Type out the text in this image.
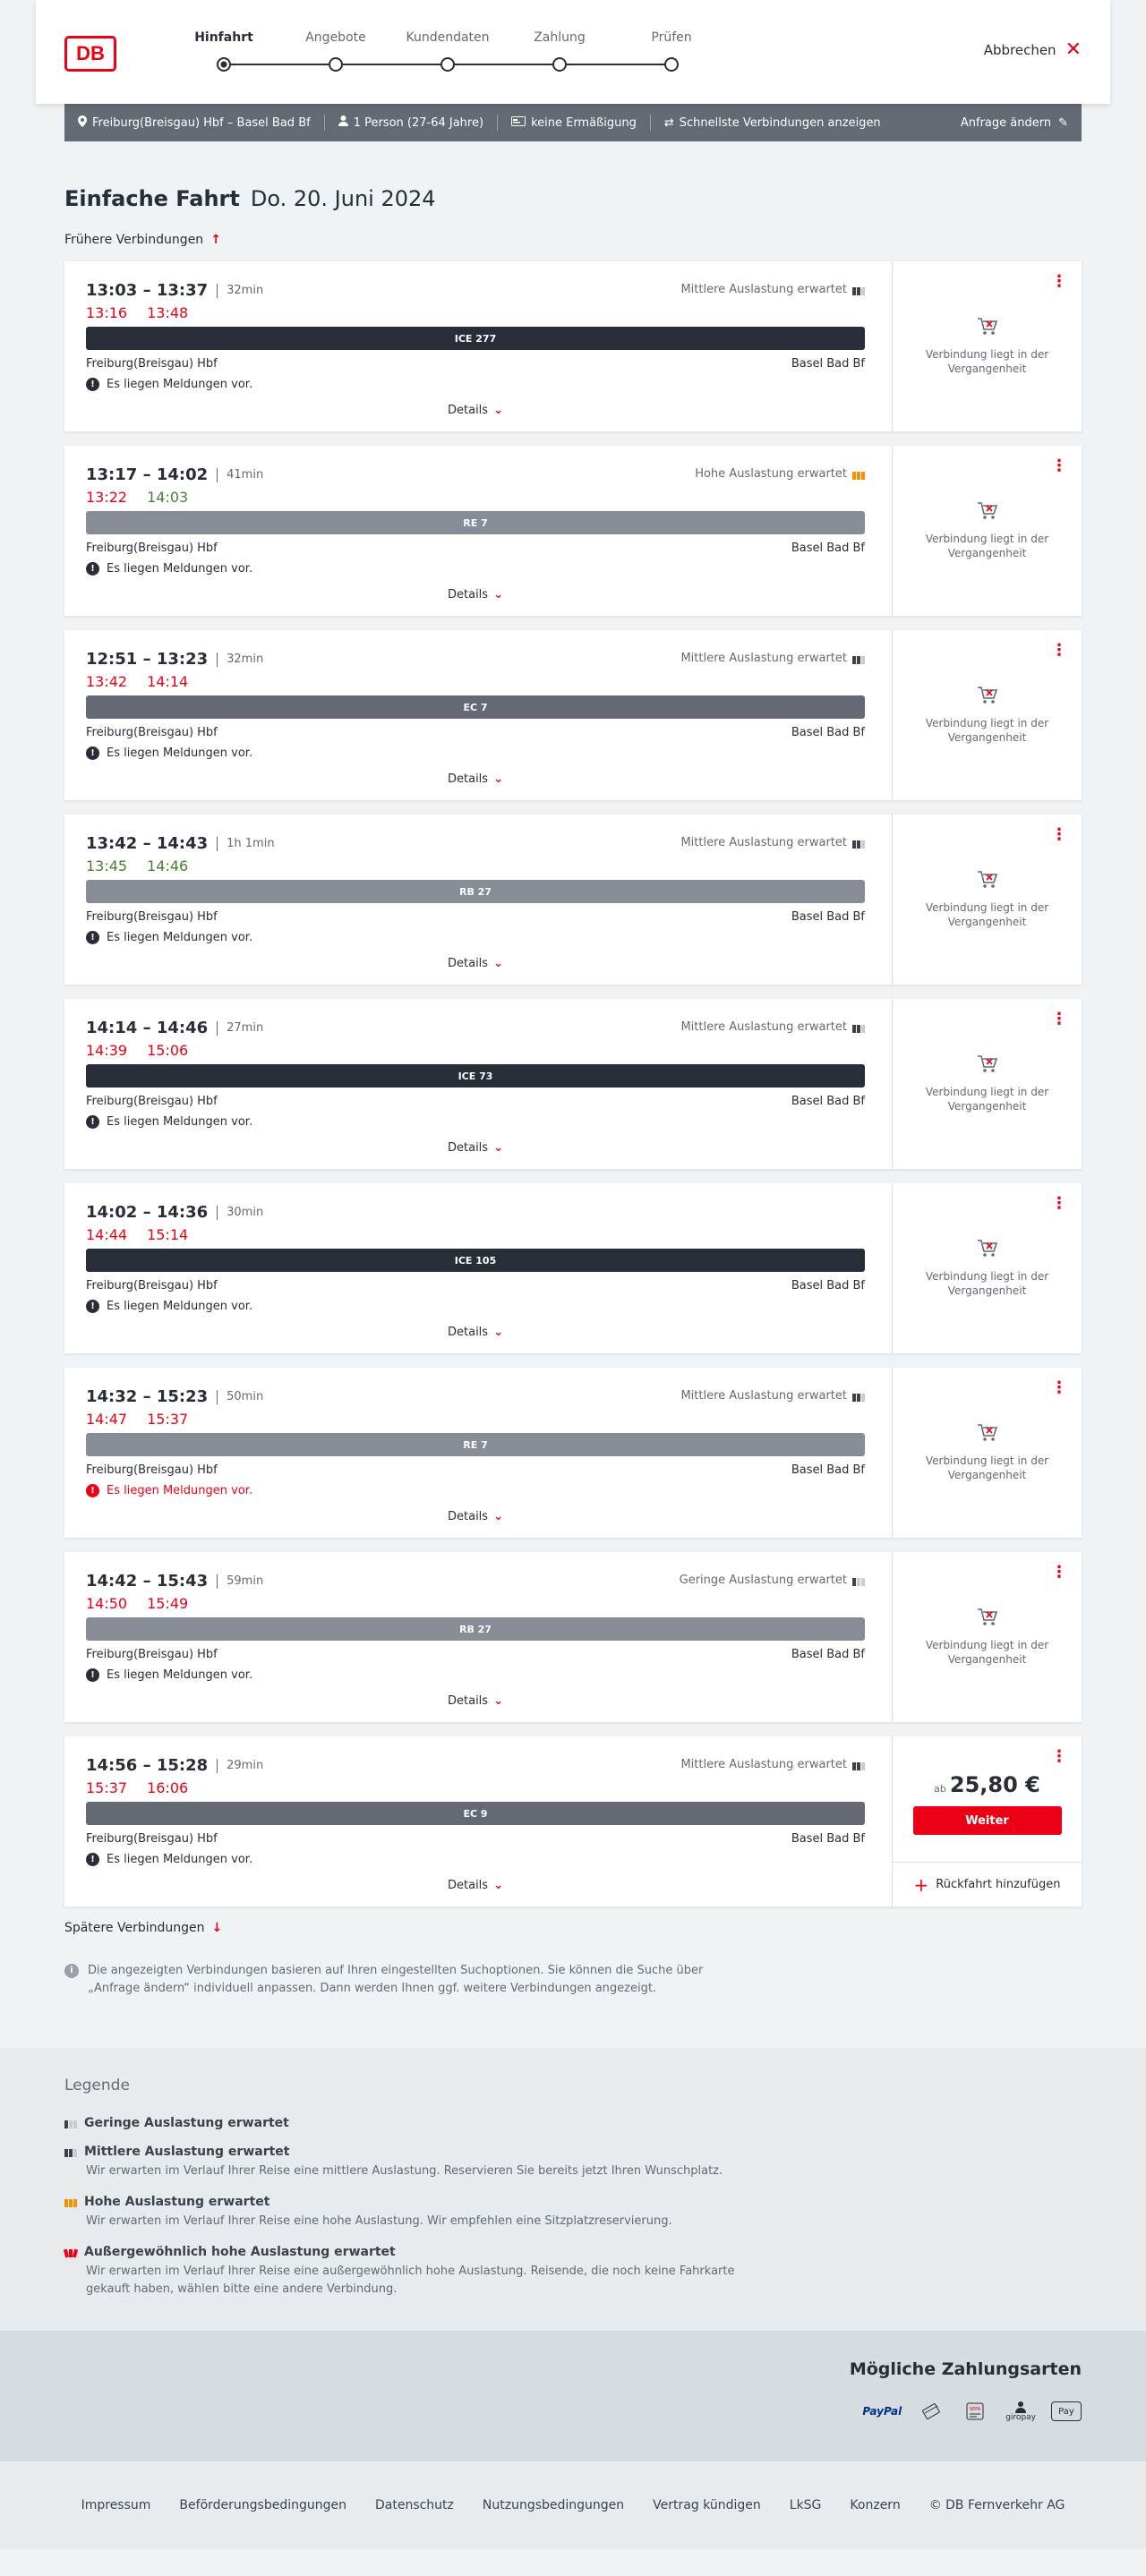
DB
Hinfahrt	Angebote	Kundendaten	Zahlung	Prüfen
Abbrechen ✕
Freiburg(Breisgau) Hbf – Basel Bad Bf	1 Person (27-64 Jahre)	keine Ermäßigung ⇄ Schnellste Verbindungen anzeigen	Anfrage ändern ✎
Einfache Fahrt Do. 20. Juni 2024
Frühere Verbindungen ↑
13:03 – 13:37 32min	Mittlere Auslastung erwartet
13:16 13:48
ICE 277
Freiburg(Breisgau) Hbf	Basel Bad Bf
!	Es liegen Meldungen vor.
Details ⌄
⋮
Verbindung liegt in der Vergangenheit
13:17 – 14:02 41min	Hohe Auslastung erwartet
13:22 14:03
RE 7
Freiburg(Breisgau) Hbf	Basel Bad Bf
!	Es liegen Meldungen vor.
Details ⌄
⋮
Verbindung liegt in der Vergangenheit
12:51 – 13:23 32min	Mittlere Auslastung erwartet
13:42 14:14
EC 7
Freiburg(Breisgau) Hbf	Basel Bad Bf
!	Es liegen Meldungen vor.
Details ⌄
⋮
Verbindung liegt in der Vergangenheit
13:42 – 14:43 1h 1min	Mittlere Auslastung erwartet
13:45 14:46
RB 27
Freiburg(Breisgau) Hbf	Basel Bad Bf
!	Es liegen Meldungen vor.
Details ⌄
⋮
Verbindung liegt in der Vergangenheit
14:14 – 14:46 27min	Mittlere Auslastung erwartet
14:39 15:06
ICE 73
Freiburg(Breisgau) Hbf	Basel Bad Bf
!	Es liegen Meldungen vor.
Details ⌄
⋮
Verbindung liegt in der Vergangenheit
14:02 – 14:36 30min
14:44 15:14
ICE 105
Freiburg(Breisgau) Hbf	Basel Bad Bf
!	Es liegen Meldungen vor.
Details ⌄
⋮
Verbindung liegt in der Vergangenheit
14:32 – 15:23 50min	Mittlere Auslastung erwartet
14:47 15:37
RE 7
Freiburg(Breisgau) Hbf	Basel Bad Bf
!	Es liegen Meldungen vor.
Details ⌄
⋮
Verbindung liegt in der Vergangenheit
14:42 – 15:43 59min	Geringe Auslastung erwartet
14:50 15:49
RB 27
Freiburg(Breisgau) Hbf	Basel Bad Bf
!	Es liegen Meldungen vor.
Details ⌄
⋮
Verbindung liegt in der Vergangenheit
14:56 – 15:28 29min	Mittlere Auslastung erwartet
15:37 16:06
EC 9
Freiburg(Breisgau) Hbf	Basel Bad Bf
!	Es liegen Meldungen vor.
Details ⌄
⋮
ab 25,80 €
Weiter
+ Rückfahrt hinzufügen
Spätere Verbindungen ↓
i	Die angezeigten Verbindungen basieren auf Ihren eingestellten Suchoptionen. Sie können die Suche über „Anfrage ändern“ individuell anpassen. Dann werden Ihnen ggf. weitere Verbindungen angezeigt.
Legende
Geringe Auslastung erwartet
Mittlere Auslastung erwartet
Wir erwarten im Verlauf Ihrer Reise eine mittlere Auslastung. Reservieren Sie bereits jetzt Ihren Wunschplatz.
Hohe Auslastung erwartet
Wir erwarten im Verlauf Ihrer Reise eine hohe Auslastung. Wir empfehlen eine Sitzplatzreservierung.
Außergewöhnlich hohe Auslastung erwartet
Wir erwarten im Verlauf Ihrer Reise eine außergewöhnlich hohe Auslastung. Reisende, die noch keine Fahrkarte gekauft haben, wählen bitte eine andere Verbindung.
Mögliche Zahlungsarten
PayPal	SEPA
giropay
Pay
Impressum Beförderungsbedingungen Datenschutz Nutzungsbedingungen Vertrag kündigen LkSG Konzern © DB Fernverkehr AG
